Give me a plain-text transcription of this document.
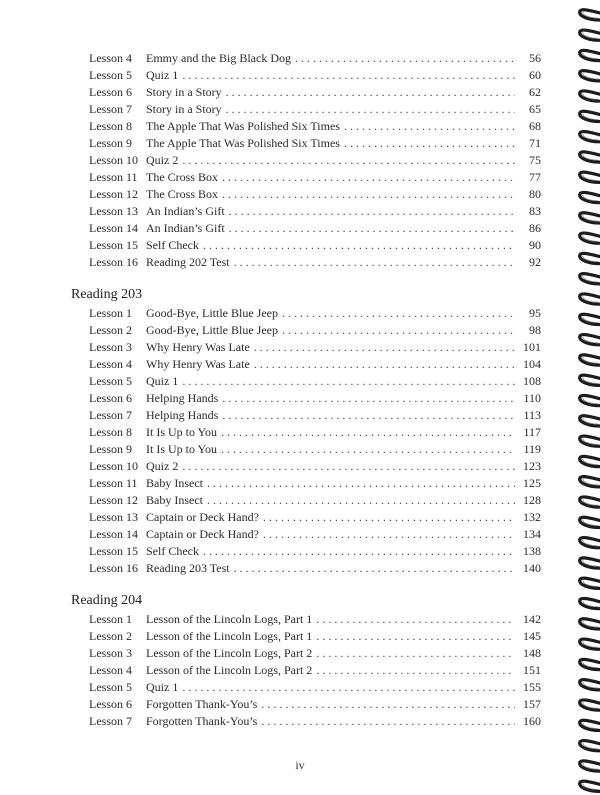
Lesson 4	Emmy and the Big Black Dog . . .	56
Lesson 5	Quiz 1 . . .	60
Lesson 6	Story in a Story . . .	62
Lesson 7	Story in a Story . . .	65
Lesson 8	The Apple That Was Polished Six Times . . .	68
Lesson 9	The Apple That Was Polished Six Times . . .	71
Lesson 10 Quiz 2 . . .	75
Lesson 11 The Cross Box . . .	77
Lesson 12 The Cross Box . . .	80
Lesson 13 An Indian’s Gift . . .	83
Lesson 14 An Indian’s Gift . . .	86
Lesson 15 Self Check . . .	90
Lesson 16 Reading 202 Test . . .	92
Reading 203
Lesson 1	Good-Bye, Little Blue Jeep . . .	95
Lesson 2	Good-Bye, Little Blue Jeep . . .	98
Lesson 3	Why Henry Was Late . . .	101
Lesson 4	Why Henry Was Late . . .	104
Lesson 5	Quiz 1 . . .	108
Lesson 6	Helping Hands . . .	110
Lesson 7	Helping Hands . . .	113
Lesson 8	It Is Up to You . . .	117
Lesson 9	It Is Up to You . . .	119
Lesson 10 Quiz 2 . . .	123
Lesson 11 Baby Insect . . .	125
Lesson 12 Baby Insect . . .	128
Lesson 13 Captain or Deck Hand? . . .	132
Lesson 14 Captain or Deck Hand? . . .	134
Lesson 15 Self Check . . .	138
Lesson 16 Reading 203 Test . . .	140
Reading 204
Lesson 1	Lesson of the Lincoln Logs, Part 1 . . .	142
Lesson 2	Lesson of the Lincoln Logs, Part 1 . . .	145
Lesson 3	Lesson of the Lincoln Logs, Part 2 . . .	148
Lesson 4	Lesson of the Lincoln Logs, Part 2 . . .	151
Lesson 5	Quiz 1 . . .	155
Lesson 6	Forgotten Thank-You’s . . .	157
Lesson 7	Forgotten Thank-You’s . . .	160
iv
